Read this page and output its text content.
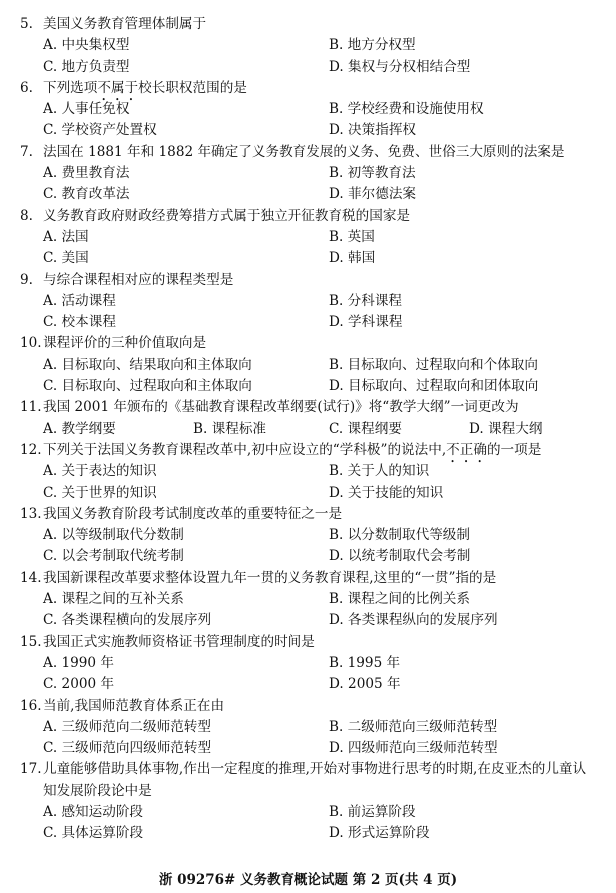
5. 美国义务教育管理体制属于
A. 中央集权型	B. 地方分权型
C. 地方负责型	D. 集权与分权相结合型
6. 下列选项不属于校长职权范围的是
A. 人事任免权	B. 学校经费和设施使用权
C. 学校资产处置权	D. 决策指挥权
7. 法国在 1881 年和 1882 年确定了义务教育发展的义务、免费、世俗三大原则的法案是
A. 费里教育法	B. 初等教育法
C. 教育改革法	D. 菲尔德法案
8. 义务教育政府财政经费筹措方式属于独立开征教育税的国家是
A. 法国	B. 英国
C. 美国	D. 韩国
9. 与综合课程相对应的课程类型是
A. 活动课程	B. 分科课程
C. 校本课程	D. 学科课程
10. 课程评价的三种价值取向是
A. 目标取向、结果取向和主体取向	B. 目标取向、过程取向和个体取向
C. 目标取向、过程取向和主体取向	D. 目标取向、过程取向和团体取向
11. 我国 2001 年颁布的《基础教育课程改革纲要(试行)》将“教学大纲”一词更改为
A. 教学纲要	B. 课程标准	C. 课程纲要	D. 课程大纲
12. 下列关于法国义务教育课程改革中,初中应设立的“学科极”的说法中,不正确的一项是
A. 关于表达的知识	B. 关于人的知识
C. 关于世界的知识	D. 关于技能的知识
13. 我国义务教育阶段考试制度改革的重要特征之一是
A. 以等级制取代分数制	B. 以分数制取代等级制
C. 以会考制取代统考制	D. 以统考制取代会考制
14. 我国新课程改革要求整体设置九年一贯的义务教育课程,这里的“一贯”指的是
A. 课程之间的互补关系	B. 课程之间的比例关系
C. 各类课程横向的发展序列	D. 各类课程纵向的发展序列
15. 我国正式实施教师资格证书管理制度的时间是
A. 1990 年	B. 1995 年
C. 2000 年	D. 2005 年
16. 当前,我国师范教育体系正在由
A. 三级师范向二级师范转型	B. 二级师范向三级师范转型
C. 三级师范向四级师范转型	D. 四级师范向三级师范转型
17. 儿童能够借助具体事物,作出一定程度的推理,开始对事物进行思考的时期,在皮亚杰的儿童认知发展阶段论中是
A. 感知运动阶段	B. 前运算阶段
C. 具体运算阶段	D. 形式运算阶段
浙 09276# 义务教育概论试题 第 2 页(共 4 页)
